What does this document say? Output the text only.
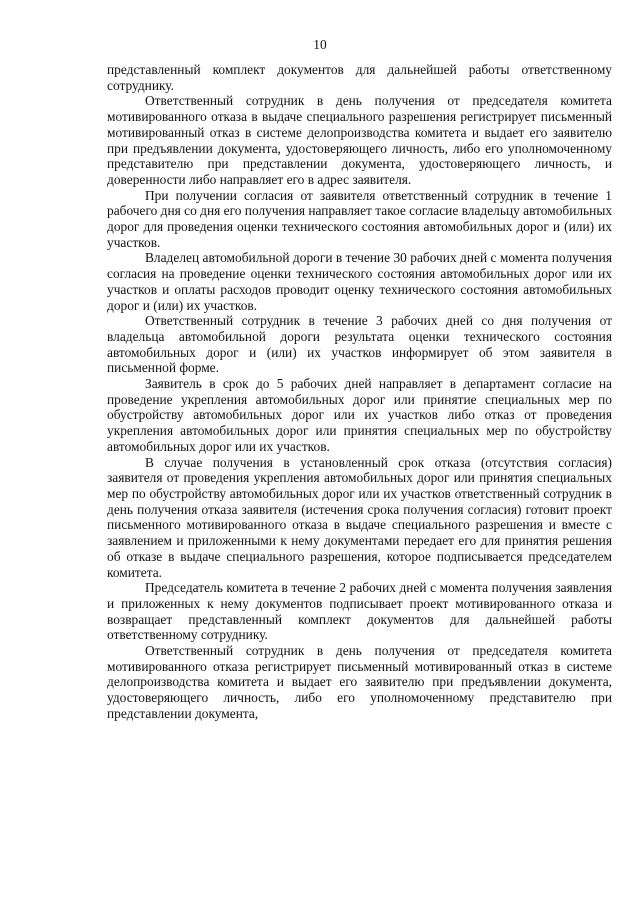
10

представленный комплект документов для дальнейшей работы ответственному сотруднику.

Ответственный сотрудник в день получения от председателя комитета мотивированного отказа в выдаче специального разрешения регистрирует письменный мотивированный отказ в системе делопроизводства комитета и выдает его заявителю при предъявлении документа, удостоверяющего личность, либо его уполномоченному представителю при представлении документа, удостоверяющего личность, и доверенности либо направляет его в адрес заявителя.

При получении согласия от заявителя ответственный сотрудник в течение 1 рабочего дня со дня его получения направляет такое согласие владельцу автомобильных дорог для проведения оценки технического состояния автомобильных дорог и (или) их участков.

Владелец автомобильной дороги в течение 30 рабочих дней с момента получения согласия на проведение оценки технического состояния автомобильных дорог или их участков и оплаты расходов проводит оценку технического состояния автомобильных дорог и (или) их участков.

Ответственный сотрудник в течение 3 рабочих дней со дня получения от владельца автомобильной дороги результата оценки технического состояния автомобильных дорог и (или) их участков информирует об этом заявителя в письменной форме.

Заявитель в срок до 5 рабочих дней направляет в департамент согласие на проведение укрепления автомобильных дорог или принятие специальных мер по обустройству автомобильных дорог или их участков либо отказ от проведения укрепления автомобильных дорог или принятия специальных мер по обустройству автомобильных дорог или их участков.

В случае получения в установленный срок отказа (отсутствия согласия) заявителя от проведения укрепления автомобильных дорог или принятия специальных мер по обустройству автомобильных дорог или их участков ответственный сотрудник в день получения отказа заявителя (истечения срока получения согласия) готовит проект письменного мотивированного отказа в выдаче специального разрешения и вместе с заявлением и приложенными к нему документами передает его для принятия решения об отказе в выдаче специального разрешения, которое подписывается председателем комитета.

Председатель комитета в течение 2 рабочих дней с момента получения заявления и приложенных к нему документов подписывает проект мотивированного отказа и возвращает представленный комплект документов для дальнейшей работы ответственному сотруднику.

Ответственный сотрудник в день получения от председателя комитета мотивированного отказа регистрирует письменный мотивированный отказ в системе делопроизводства комитета и выдает его заявителю при предъявлении документа, удостоверяющего личность, либо его уполномоченному представителю при представлении документа,
